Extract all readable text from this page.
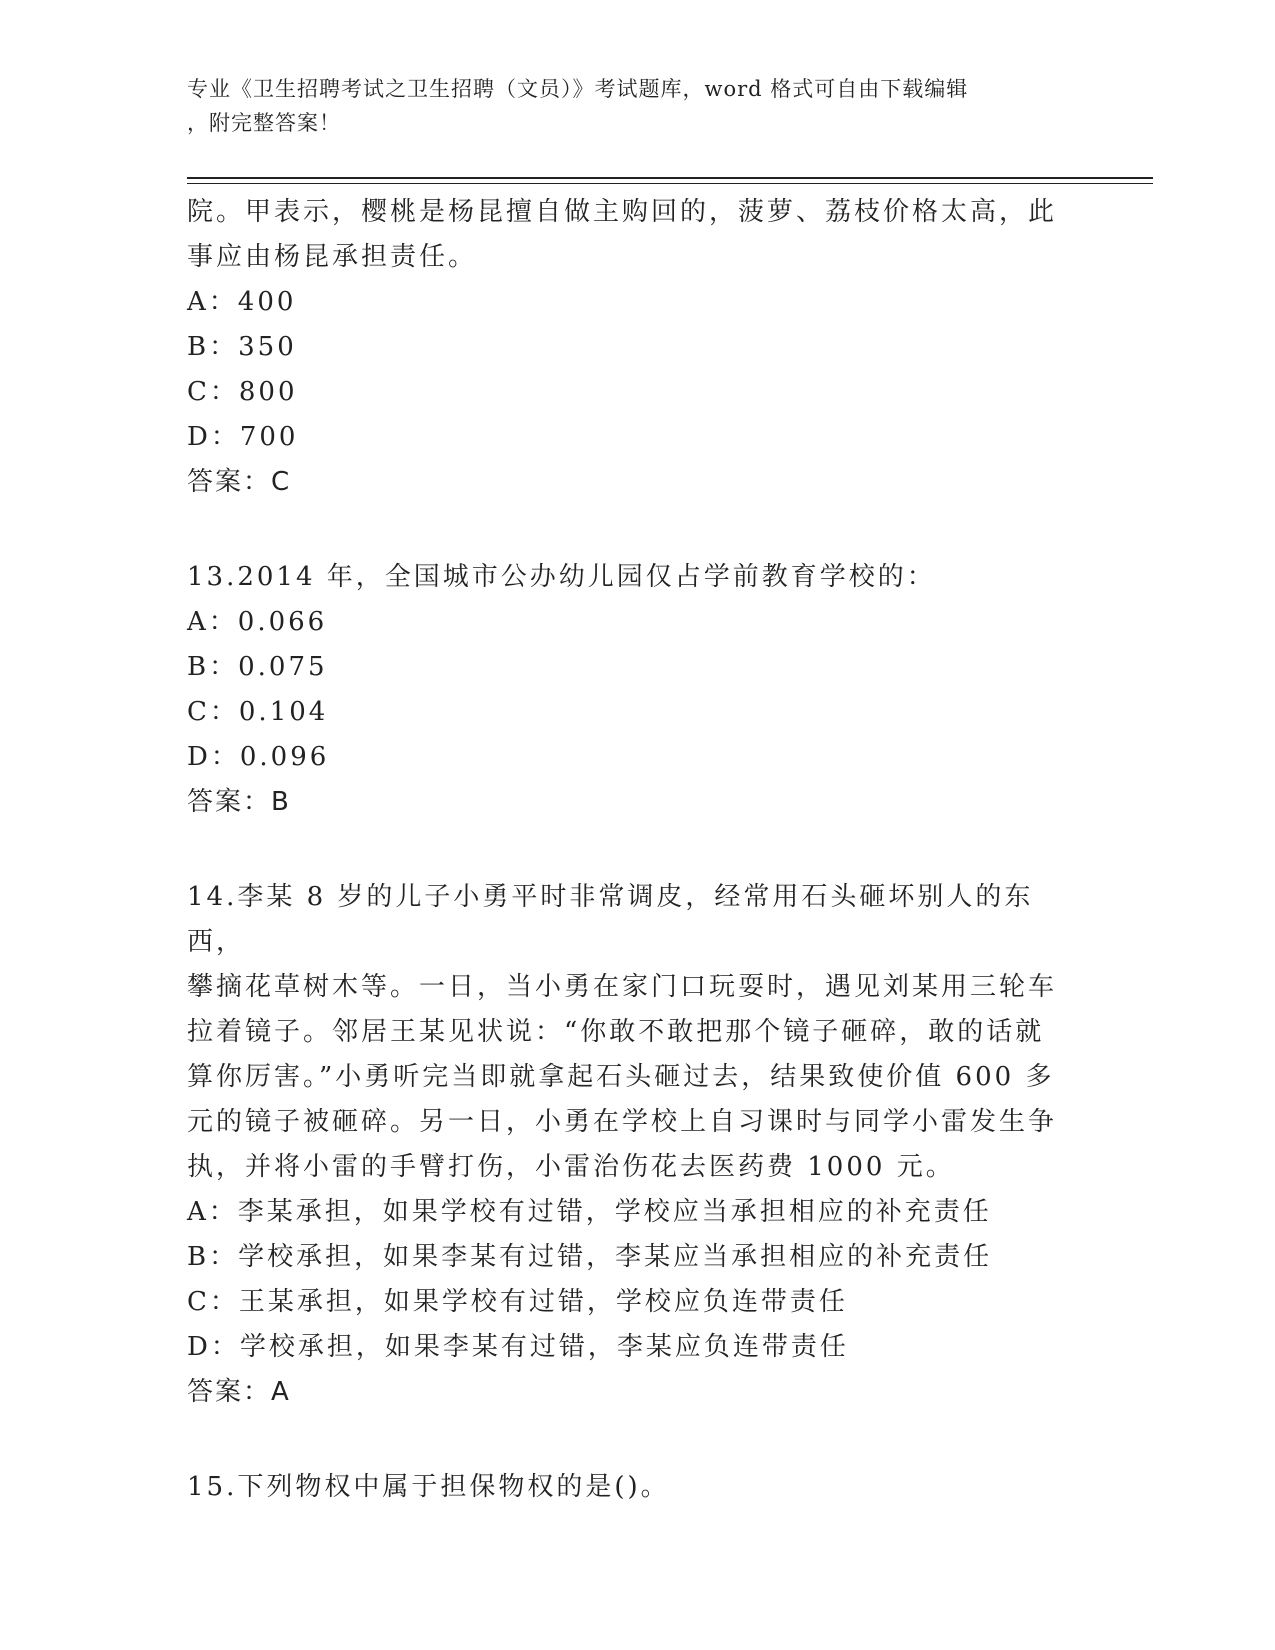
专业《卫生招聘考试之卫生招聘（文员）》考试题库，word 格式可自由下载编辑
，附完整答案！
院。甲表示，樱桃是杨昆擅自做主购回的，菠萝、荔枝价格太高，此
事应由杨昆承担责任。
A：400
B：350
C：800
D：700
答案：C
13.2014 年，全国城市公办幼儿园仅占学前教育学校的：
A：0.066
B：0.075
C：0.104
D：0.096
答案：B
14.李某 8 岁的儿子小勇平时非常调皮，经常用石头砸坏别人的东西，
攀摘花草树木等。一日，当小勇在家门口玩耍时，遇见刘某用三轮车
拉着镜子。邻居王某见状说：“你敢不敢把那个镜子砸碎，敢的话就
算你厉害。”小勇听完当即就拿起石头砸过去，结果致使价值 600 多
元的镜子被砸碎。另一日，小勇在学校上自习课时与同学小雷发生争
执，并将小雷的手臂打伤，小雷治伤花去医药费 1000 元。
A：李某承担，如果学校有过错，学校应当承担相应的补充责任
B：学校承担，如果李某有过错，李某应当承担相应的补充责任
C：王某承担，如果学校有过错，学校应负连带责任
D：学校承担，如果李某有过错，李某应负连带责任
答案：A
15.下列物权中属于担保物权的是()。
